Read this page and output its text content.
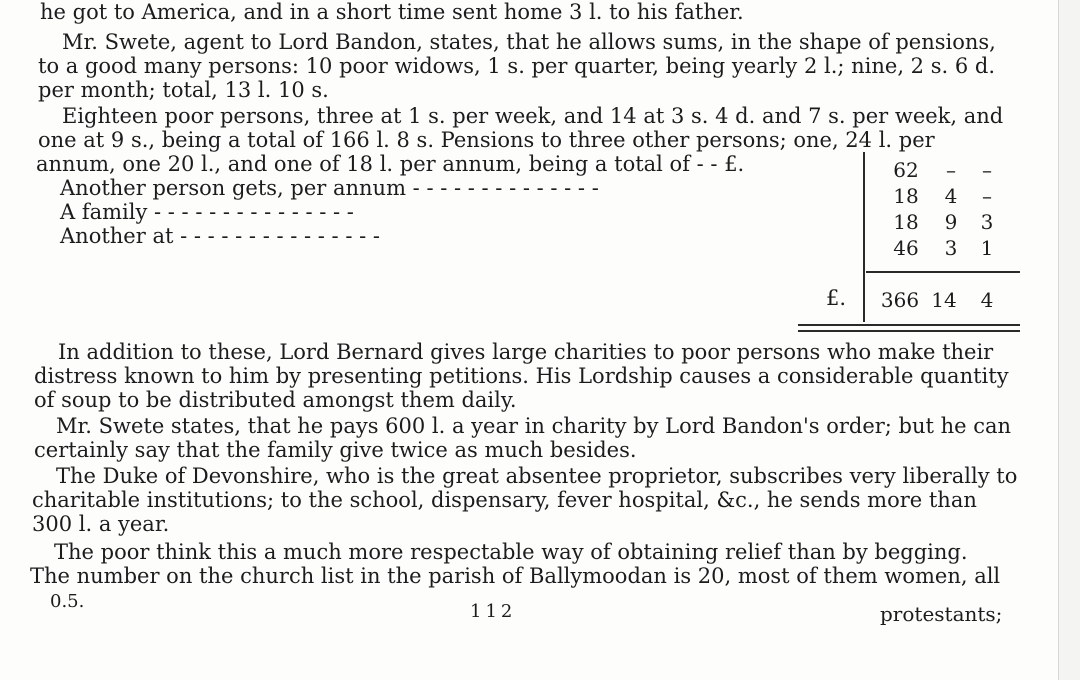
he got to America, and in a short time sent home 3 l. to his father.
Mr. Swete, agent to Lord Bandon, states, that he allows sums, in the shape of pensions,
to a good many persons: 10 poor widows, 1 s. per quarter, being yearly 2 l.; nine, 2 s. 6 d.
per month; total, 13 l. 10 s.
Eighteen poor persons, three at 1 s. per week, and 14 at 3 s. 4 d. and 7 s. per week, and
one at 9 s., being a total of 166 l. 8 s. Pensions to three other persons; one, 24 l. per
annum, one 20 l., and one of 18 l. per annum, being a total of - - £.
Another person gets, per annum - - - - - - - - - - - - - -
A family - - - - - - - - - - - - - - -
Another at - - - - - - - - - - - - - - -
62	–	–
18	4	–
18	9	3
46	3	1
£.	366 14 4
In addition to these, Lord Bernard gives large charities to poor persons who make their
distress known to him by presenting petitions. His Lordship causes a considerable quantity
of soup to be distributed amongst them daily.
Mr. Swete states, that he pays 600 l. a year in charity by Lord Bandon's order; but he can
certainly say that the family give twice as much besides.
The Duke of Devonshire, who is the great absentee proprietor, subscribes very liberally to
charitable institutions; to the school, dispensary, fever hospital, &c., he sends more than
300 l. a year.
The poor think this a much more respectable way of obtaining relief than by begging.
The number on the church list in the parish of Ballymoodan is 20, most of them women, all
0.5.	112	protestants;
